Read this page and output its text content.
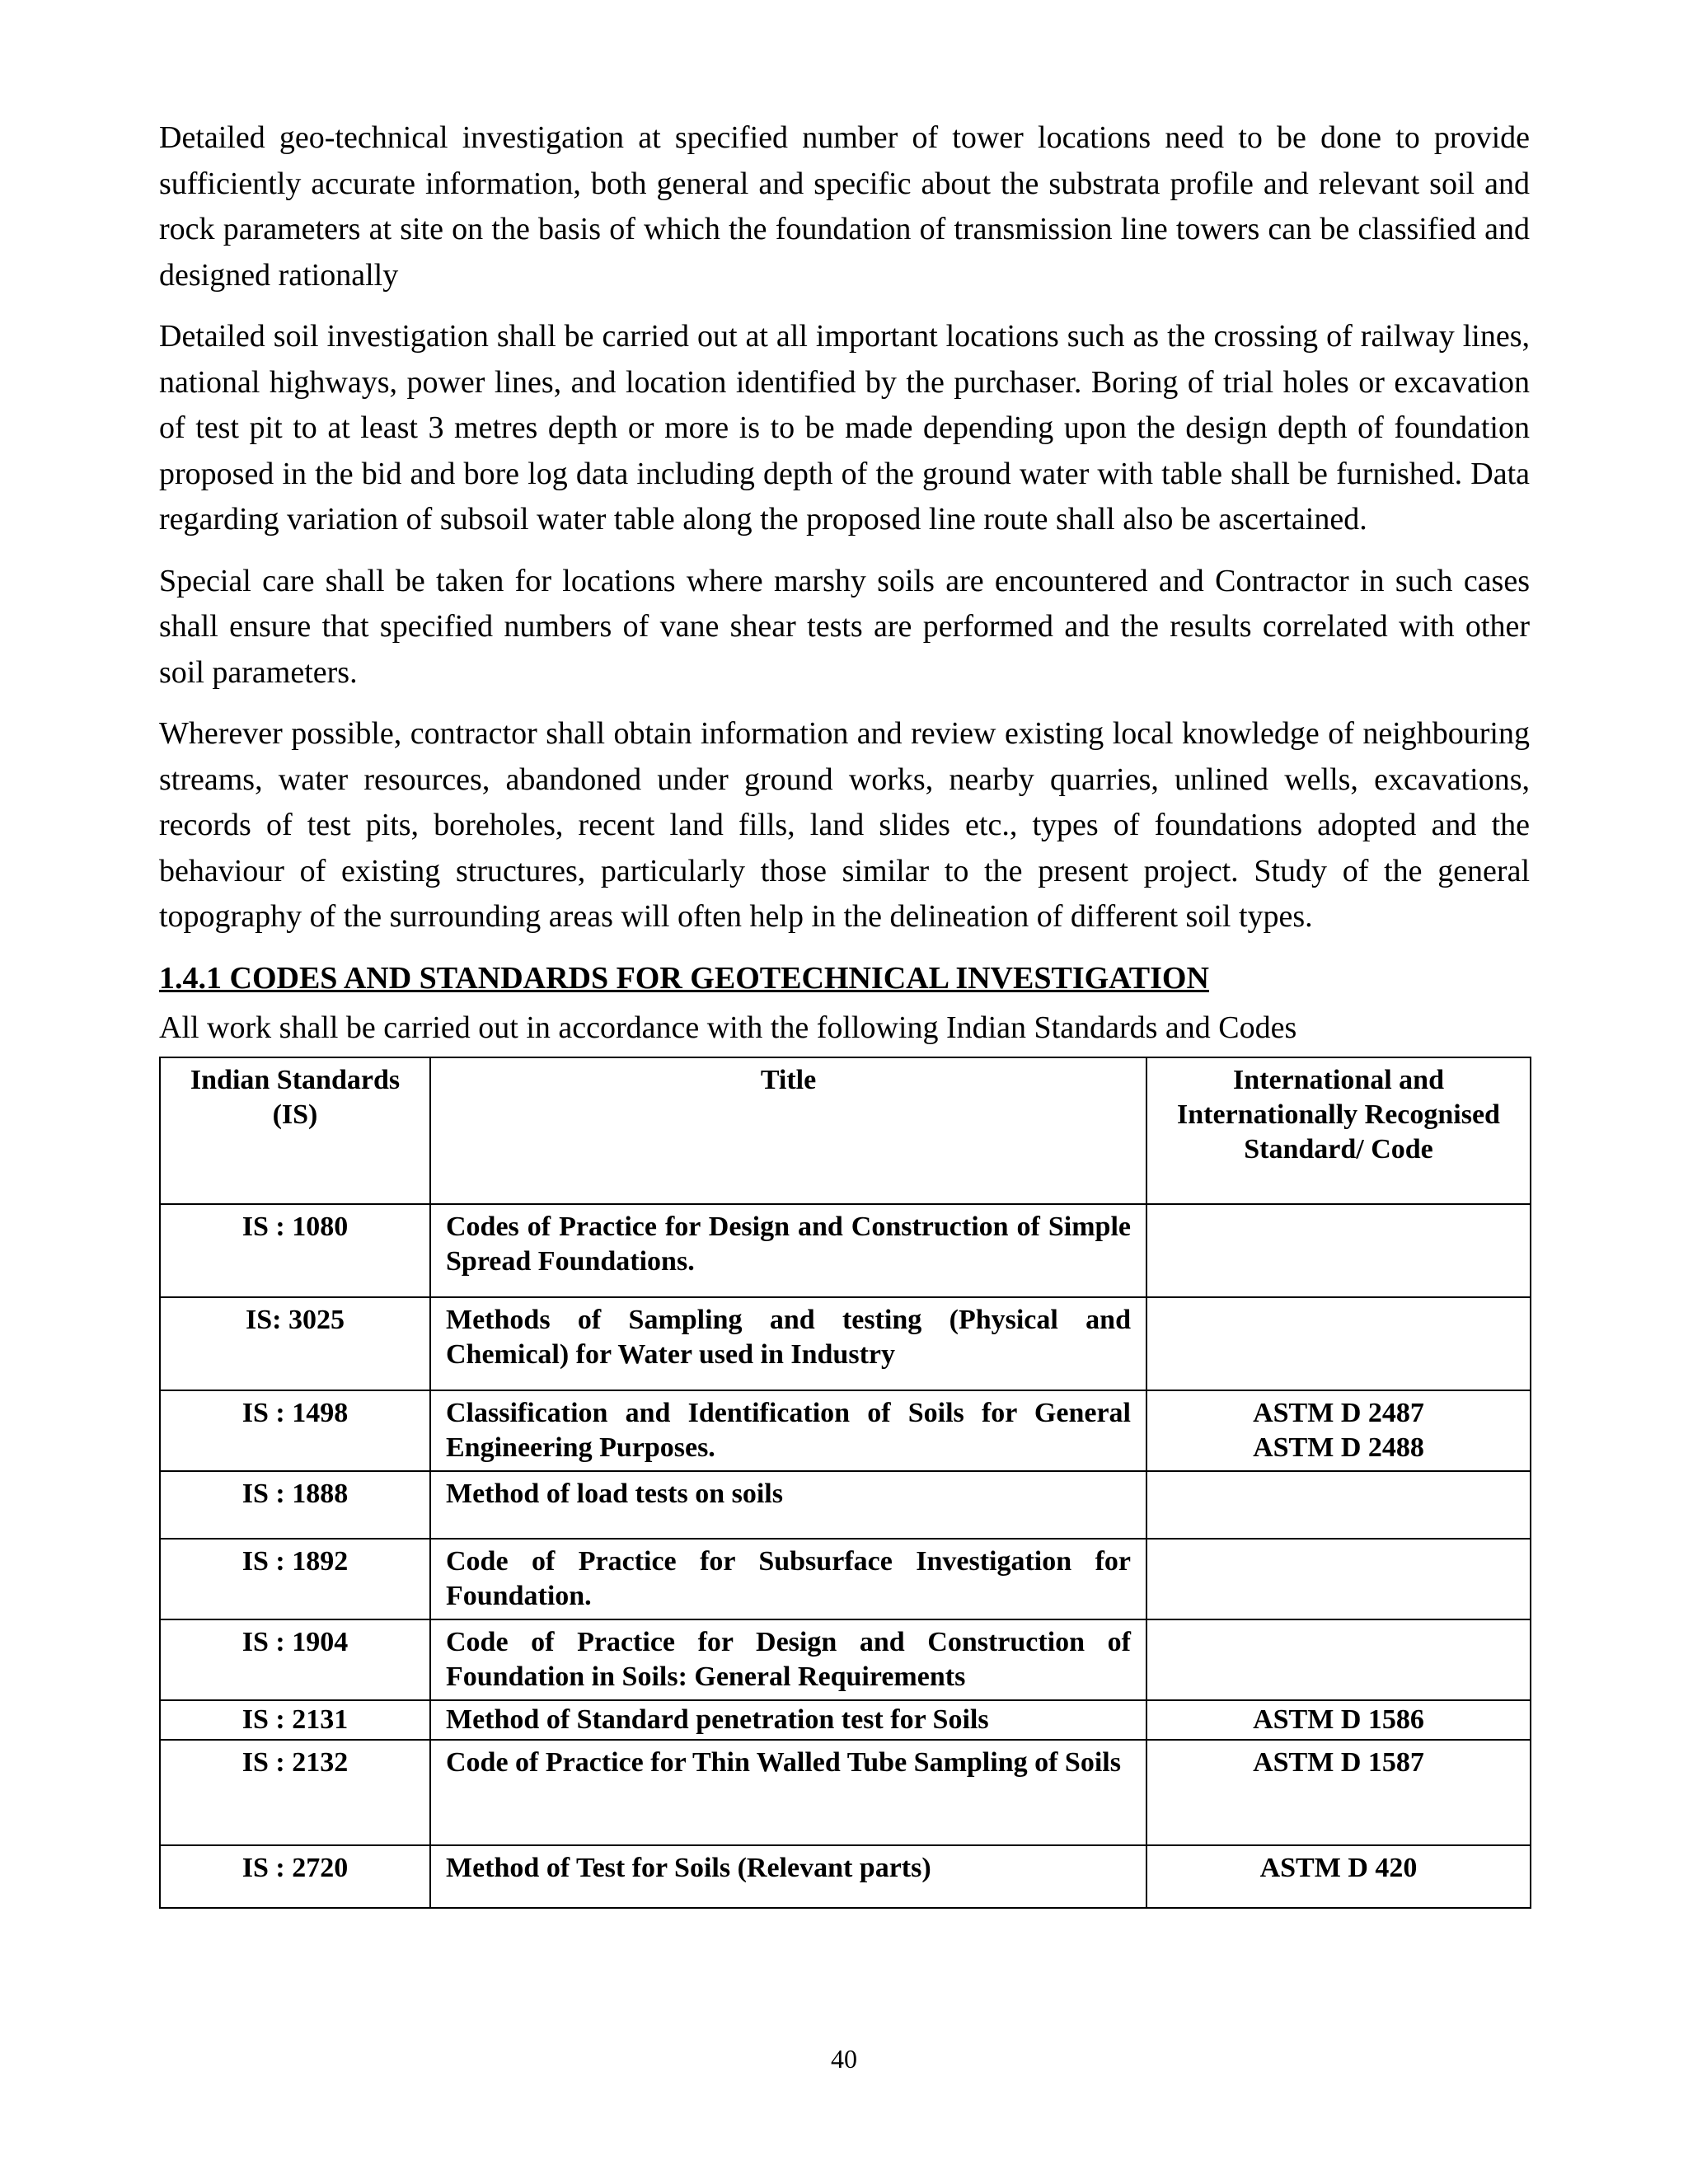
Detailed geo-technical investigation at specified number of tower locations need to be done to provide sufficiently accurate information, both general and specific about the substrata profile and relevant soil and rock parameters at site on the basis of which the foundation of transmission line towers can be classified and designed rationally

Detailed soil investigation shall be carried out at all important locations such as the crossing of railway lines, national highways, power lines, and location identified by the purchaser. Boring of trial holes or excavation of test pit to at least 3 metres depth or more is to be made depending upon the design depth of foundation proposed in the bid and bore log data including depth of the ground water with table shall be furnished. Data regarding variation of subsoil water table along the proposed line route shall also be ascertained.

Special care shall be taken for locations where marshy soils are encountered and Contractor in such cases shall ensure that specified numbers of vane shear tests are performed and the results correlated with other soil parameters.

Wherever possible, contractor shall obtain information and review existing local knowledge of neighbouring streams, water resources, abandoned under ground works, nearby quarries, unlined wells, excavations, records of test pits, boreholes, recent land fills, land slides etc., types of foundations adopted and the behaviour of existing structures, particularly those similar to the present project. Study of the general topography of the surrounding areas will often help in the delineation of different soil types.

1.4.1 CODES AND STANDARDS FOR GEOTECHNICAL INVESTIGATION

All work shall be carried out in accordance with the following Indian Standards and Codes

Indian Standards (IS)	Title	International and Internationally Recognised Standard/ Code
IS : 1080	Codes of Practice for Design and Construction of Simple Spread Foundations.	

IS: 3025	Methods of Sampling and testing (Physical and Chemical) for Water used in Industry	

IS : 1498	Classification and Identification of Soils for General Engineering Purposes.	ASTM D 2487
ASTM D 2488

IS : 1888	Method of load tests on soils	

IS : 1892	Code of Practice for Subsurface Investigation for Foundation.	

IS : 1904	Code of Practice for Design and Construction of Foundation in Soils: General Requirements	

IS : 2131	Method of Standard penetration test for Soils	ASTM D 1586

IS : 2132	Code of Practice for Thin Walled Tube Sampling of Soils	ASTM D 1587

IS : 2720	Method of Test for Soils (Relevant parts)	ASTM D 420
40
